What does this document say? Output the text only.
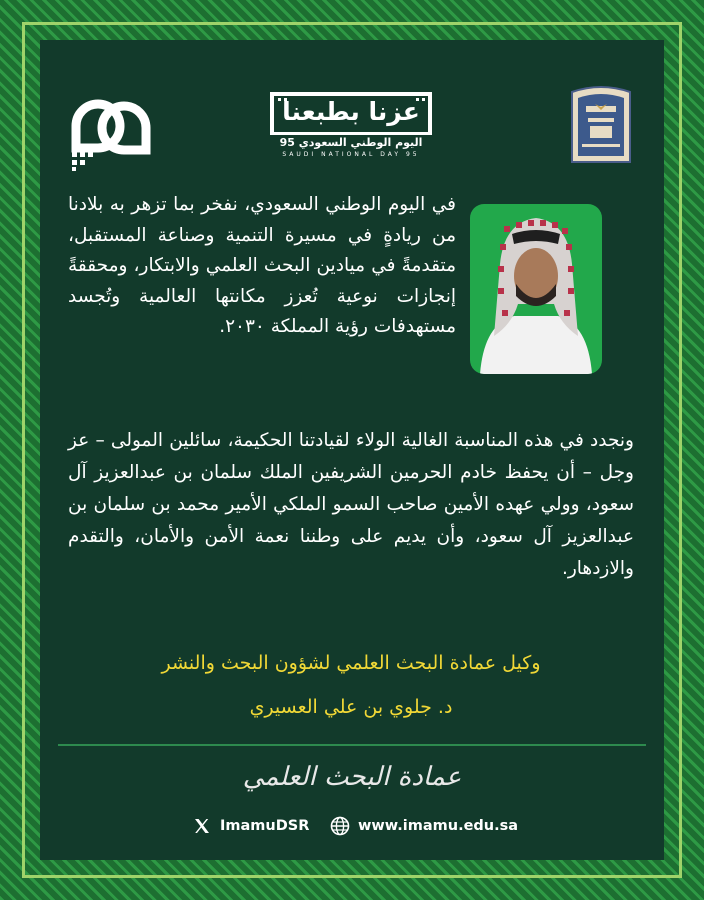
عزنا بطبعنا
اليوم الوطني السعودي 95
SAUDI NATIONAL DAY 95

في اليوم الوطني السعودي، نفخر بما تزهر به بلادنا من ريادةٍ في مسيرة التنمية وصناعة المستقبل، متقدمةً في ميادين البحث العلمي والابتكار، ومحققةً إنجازات نوعية تُعزز مكانتها العالمية وتُجسد مستهدفات رؤية المملكة ٢٠٣٠.

ونجدد في هذه المناسبة الغالية الولاء لقيادتنا الحكيمة، سائلين المولى – عز وجل – أن يحفظ خادم الحرمين الشريفين الملك سلمان بن عبدالعزيز آل سعود، وولي عهده الأمين صاحب السمو الملكي الأمير محمد بن سلمان بن عبدالعزيز آل سعود، وأن يديم على وطننا نعمة الأمن والأمان، والتقدم والازدهار.

وكيل عمادة البحث العلمي لشؤون البحث والنشر

د. جلوي بن علي العسيري

عمادة البحث العلمي

ImamuDSR	www.imamu.edu.sa
